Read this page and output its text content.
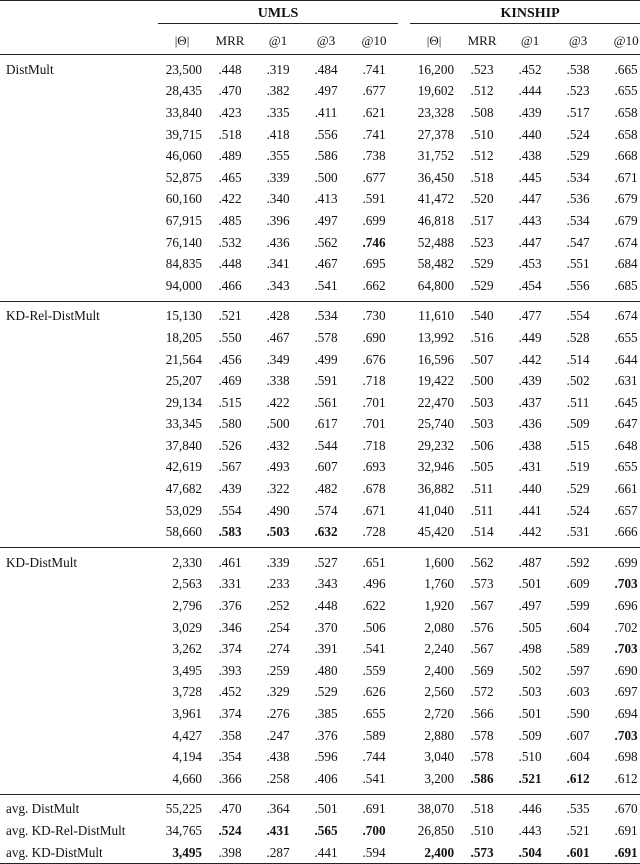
	UMLS						KINSHIP				

	|Θ|	MRR	@1	@3	@10		|Θ|	MRR	@1	@3	@10
DistMult	23,500	.448	.319	.484	.741		16,200	.523	.452	.538	.665
	28,435	.470	.382	.497	.677		19,602	.512	.444	.523	.655
	33,840	.423	.335	.411	.621		23,328	.508	.439	.517	.658
	39,715	.518	.418	.556	.741		27,378	.510	.440	.524	.658
	46,060	.489	.355	.586	.738		31,752	.512	.438	.529	.668
	52,875	.465	.339	.500	.677		36,450	.518	.445	.534	.671
	60,160	.422	.340	.413	.591		41,472	.520	.447	.536	.679
	67,915	.485	.396	.497	.699		46,818	.517	.443	.534	.679
	76,140	.532	.436	.562	.746		52,488	.523	.447	.547	.674
	84,835	.448	.341	.467	.695		58,482	.529	.453	.551	.684
	94,000	.466	.343	.541	.662		64,800	.529	.454	.556	.685
KD-Rel-DistMult	15,130	.521	.428	.534	.730		11,610	.540	.477	.554	.674
	18,205	.550	.467	.578	.690		13,992	.516	.449	.528	.655
	21,564	.456	.349	.499	.676		16,596	.507	.442	.514	.644
	25,207	.469	.338	.591	.718		19,422	.500	.439	.502	.631
	29,134	.515	.422	.561	.701		22,470	.503	.437	.511	.645
	33,345	.580	.500	.617	.701		25,740	.503	.436	.509	.647
	37,840	.526	.432	.544	.718		29,232	.506	.438	.515	.648
	42,619	.567	.493	.607	.693		32,946	.505	.431	.519	.655
	47,682	.439	.322	.482	.678		36,882	.511	.440	.529	.661
	53,029	.554	.490	.574	.671		41,040	.511	.441	.524	.657
	58,660	.583	.503	.632	.728		45,420	.514	.442	.531	.666
KD-DistMult	2,330	.461	.339	.527	.651		1,600	.562	.487	.592	.699
	2,563	.331	.233	.343	.496		1,760	.573	.501	.609	.703
	2,796	.376	.252	.448	.622		1,920	.567	.497	.599	.696
	3,029	.346	.254	.370	.506		2,080	.576	.505	.604	.702
	3,262	.374	.274	.391	.541		2,240	.567	.498	.589	.703
	3,495	.393	.259	.480	.559		2,400	.569	.502	.597	.690
	3,728	.452	.329	.529	.626		2,560	.572	.503	.603	.697
	3,961	.374	.276	.385	.655		2,720	.566	.501	.590	.694
	4,427	.358	.247	.376	.589		2,880	.578	.509	.607	.703
	4,194	.354	.438	.596	.744		3,040	.578	.510	.604	.698
	4,660	.366	.258	.406	.541		3,200	.586	.521	.612	.612
avg. DistMult	55,225	.470	.364	.501	.691		38,070	.518	.446	.535	.670
avg. KD-Rel-DistMult	34,765	.524	.431	.565	.700		26,850	.510	.443	.521	.691
avg. KD-DistMult	3,495	.398	.287	.441	.594		2,400	.573	.504	.601	.691
